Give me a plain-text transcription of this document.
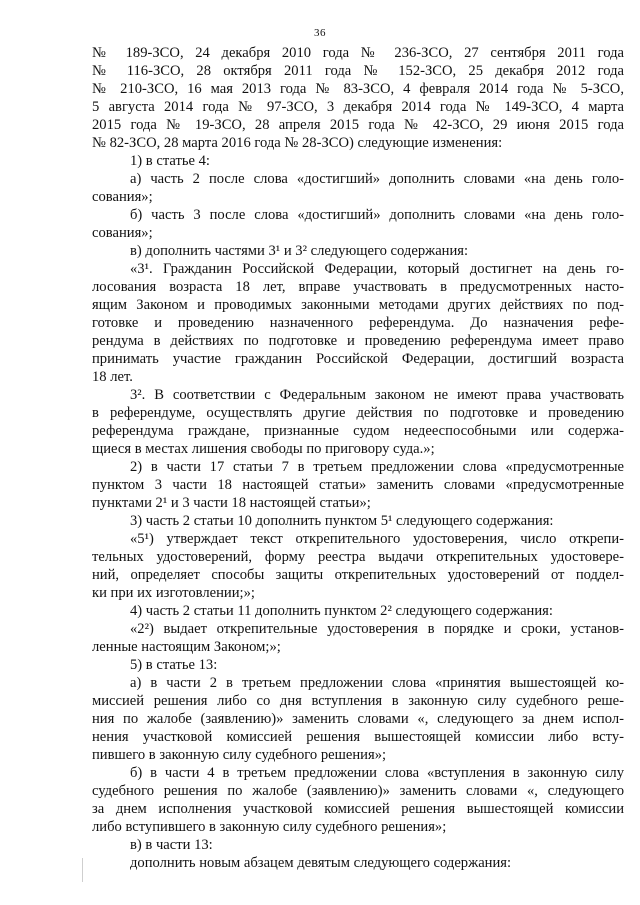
36
№ 189-ЗСО, 24 декабря 2010 года № 236-ЗСО, 27 сентября 2011 года
№ 116-ЗСО, 28 октября 2011 года № 152-ЗСО, 25 декабря 2012 года
№ 210-ЗСО, 16 мая 2013 года № 83-ЗСО, 4 февраля 2014 года № 5-ЗСО,
5 августа 2014 года № 97-ЗСО, 3 декабря 2014 года № 149-ЗСО, 4 марта
2015 года № 19-ЗСО, 28 апреля 2015 года № 42-ЗСО, 29 июня 2015 года
№ 82-ЗСО, 28 марта 2016 года № 28-ЗСО) следующие изменения:
1) в статье 4:
а) часть 2 после слова «достигший» дополнить словами «на день голо-
сования»;
б) часть 3 после слова «достигший» дополнить словами «на день голо-
сования»;
в) дополнить частями 3¹ и 3² следующего содержания:
«3¹. Гражданин Российской Федерации, который достигнет на день го-
лосования возраста 18 лет, вправе участвовать в предусмотренных насто-
ящим Законом и проводимых законными методами других действиях по под-
готовке и проведению назначенного референдума. До назначения рефе-
рендума в действиях по подготовке и проведению референдума имеет право
принимать участие гражданин Российской Федерации, достигший возраста
18 лет.
3². В соответствии с Федеральным законом не имеют права участвовать
в референдуме, осуществлять другие действия по подготовке и проведению
референдума граждане, признанные судом недееспособными или содержа-
щиеся в местах лишения свободы по приговору суда.»;
2) в части 17 статьи 7 в третьем предложении слова «предусмотренные
пунктом 3 части 18 настоящей статьи» заменить словами «предусмотренные
пунктами 2¹ и 3 части 18 настоящей статьи»;
3) часть 2 статьи 10 дополнить пунктом 5¹ следующего содержания:
«5¹) утверждает текст открепительного удостоверения, число открепи-
тельных удостоверений, форму реестра выдачи открепительных удостовере-
ний, определяет способы защиты открепительных удостоверений от поддел-
ки при их изготовлении;»;
4) часть 2 статьи 11 дополнить пунктом 2² следующего содержания:
«2²) выдает открепительные удостоверения в порядке и сроки, установ-
ленные настоящим Законом;»;
5) в статье 13:
а) в части 2 в третьем предложении слова «принятия вышестоящей ко-
миссией решения либо со дня вступления в законную силу судебного реше-
ния по жалобе (заявлению)» заменить словами «, следующего за днем испол-
нения участковой комиссией решения вышестоящей комиссии либо всту-
пившего в законную силу судебного решения»;
б) в части 4 в третьем предложении слова «вступления в законную силу
судебного решения по жалобе (заявлению)» заменить словами «, следующего
за днем исполнения участковой комиссией решения вышестоящей комиссии
либо вступившего в законную силу судебного решения»;
в) в части 13:
дополнить новым абзацем девятым следующего содержания:
